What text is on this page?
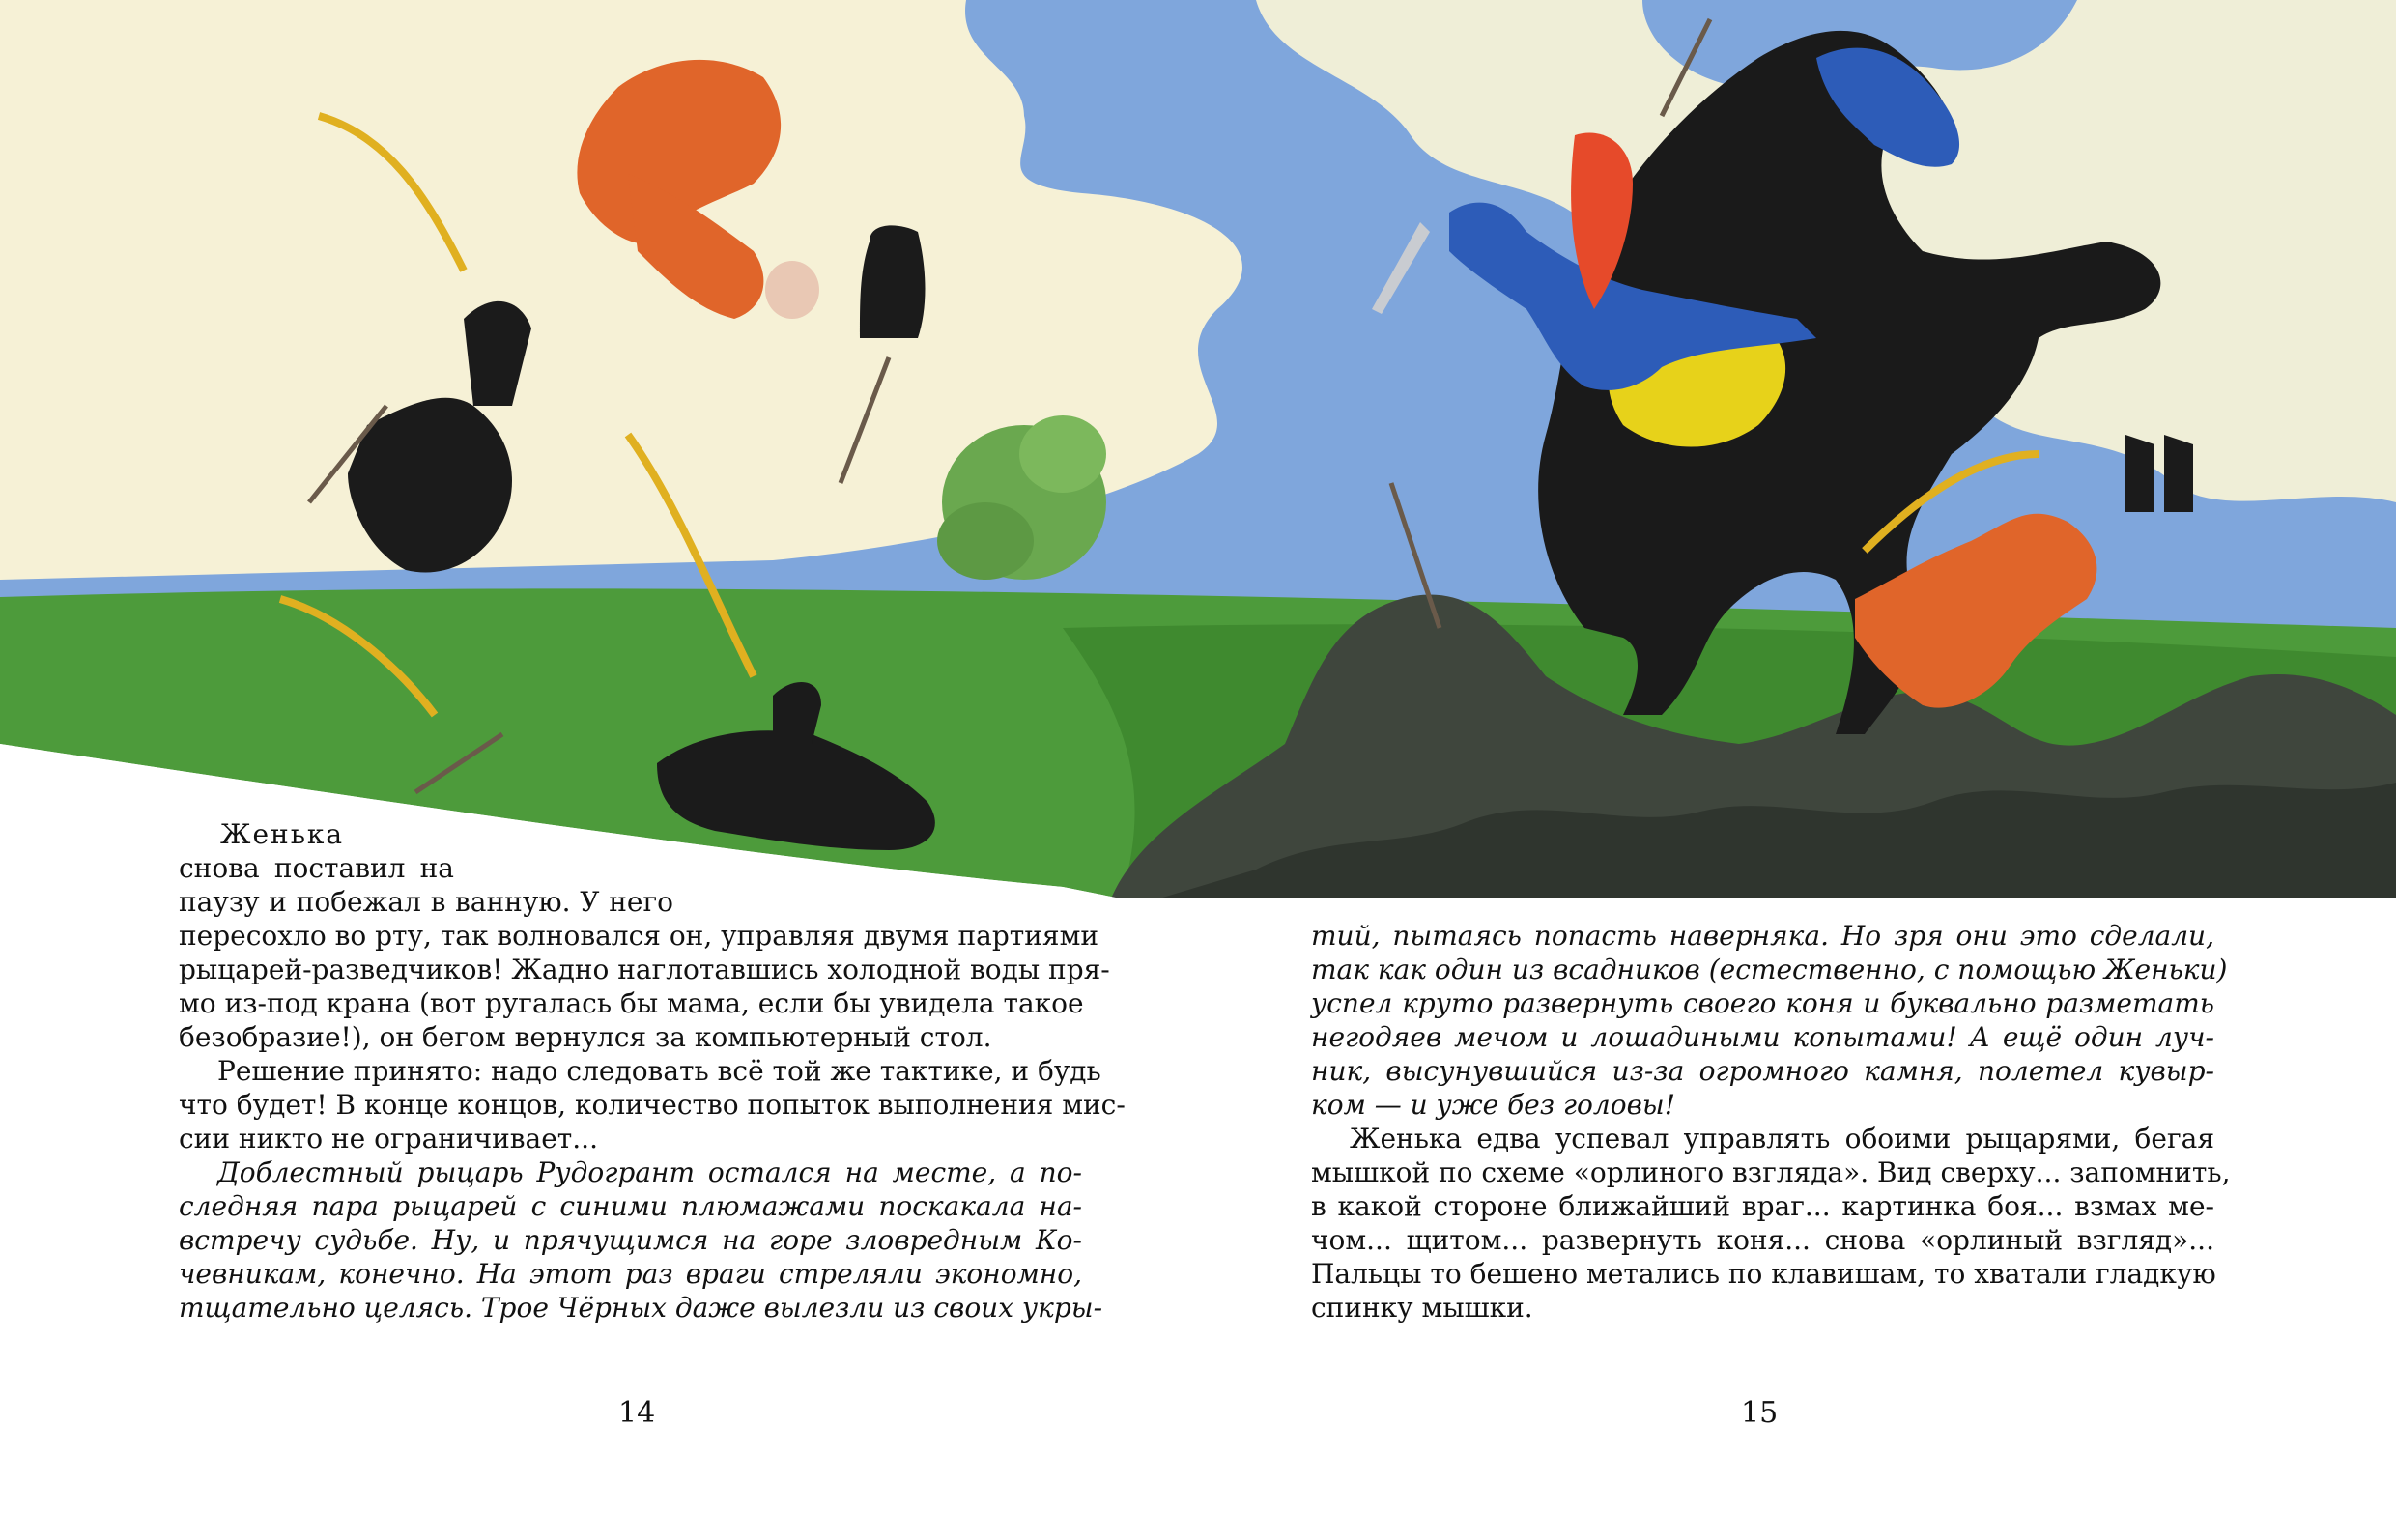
Женька
снова поставил на
паузу и побежал в ванную. У него

пересохло во рту, так волновался он, управляя двумя партиями
рыцарей-разведчиков! Жадно наглотавшись холодной воды пря-
мо из-под крана (вот ругалась бы мама, если бы увидела такое
безобразие!), он бегом вернулся за компьютерный стол.

Решение принято: надо следовать всё той же тактике, и будь
что будет! В конце концов, количество попыток выполнения мис-
сии никто не ограничивает...

Доблестный рыцарь Рудогрант остался на месте, а по-
следняя пара рыцарей с синими плюмажами поскакала на-
встречу судьбе. Ну, и прячущимся на горе зловредным Ко-
чевникам, конечно. На этот раз враги стреляли экономно,
тщательно целясь. Трое Чёрных даже вылезли из своих укры-

тий, пытаясь попасть наверняка. Но зря они это сделали,
так как один из всадников (естественно, с помощью Женьки)
успел круто развернуть своего коня и буквально разметать
негодяев мечом и лошадиными копытами! А ещё один луч-
ник, высунувшийся из-за огромного камня, полетел кувыр-
ком — и уже без головы!

Женька едва успевал управлять обоими рыцарями, бегая
мышкой по схеме «орлиного взгляда». Вид сверху... запомнить,
в какой стороне ближайший враг... картинка боя... взмах ме-
чом... щитом... развернуть коня... снова «орлиный взгляд»...
Пальцы то бешено метались по клавишам, то хватали гладкую
спинку мышки.

14	15
